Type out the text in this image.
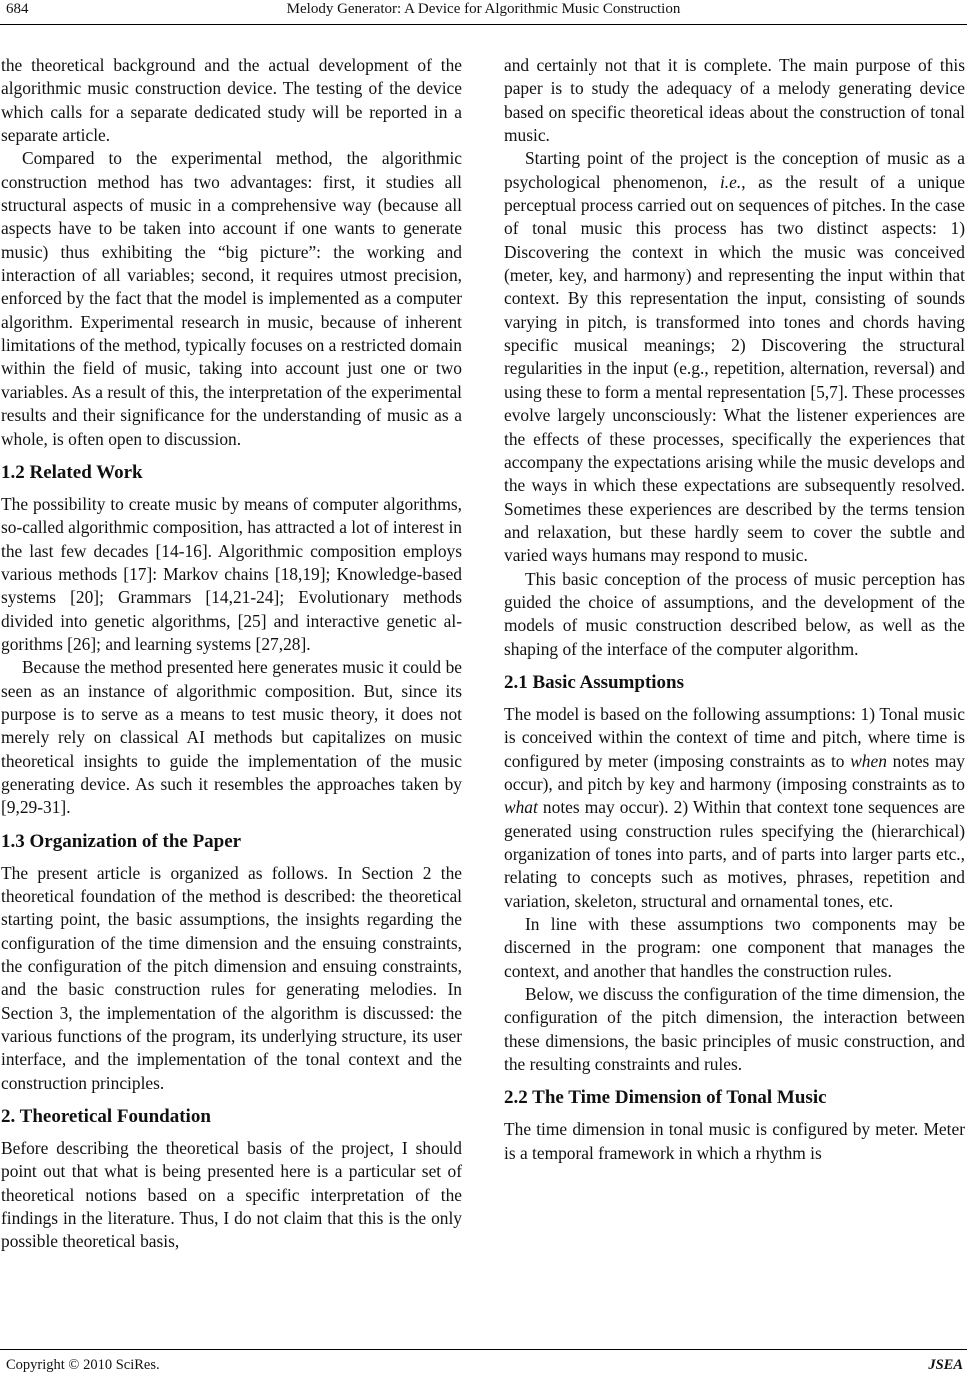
684	Melody Generator: A Device for Algorithmic Music Construction

the theoretical background and the actual development of the algorithmic music construction device. The testing of the device which calls for a separate dedicated study will be reported in a separate article.

Compared to the experimental method, the algorithmic construction method has two advantages: first, it studies all structural aspects of music in a comprehensive way (because all aspects have to be taken into account if one wants to generate music) thus exhibiting the “big picture”: the working and interaction of all variables; second, it requires utmost precision, enforced by the fact that the model is implemented as a computer algorithm. Experimental research in music, because of inherent limitations of the method, typically focuses on a restricted domain within the field of music, taking into account just one or two variables. As a result of this, the interpretation of the experimental results and their significance for the understanding of music as a whole, is often open to discussion.

1.2 Related Work

The possibility to create music by means of computer algorithms, so-called algorithmic composition, has attracted a lot of interest in the last few decades [14-16]. Algorithmic composition employs various methods [17]: Markov chains [18,19]; Knowledge-based systems [20]; Grammars [14,21-24]; Evolutionary methods divided into genetic algorithms, [25] and interactive genetic algorithms [26]; and learning systems [27,28].

Because the method presented here generates music it could be seen as an instance of algorithmic composition. But, since its purpose is to serve as a means to test music theory, it does not merely rely on classical AI methods but capitalizes on music theoretical insights to guide the implementation of the music generating device. As such it resembles the approaches taken by [9,29-31].

1.3 Organization of the Paper

The present article is organized as follows. In Section 2 the theoretical foundation of the method is described: the theoretical starting point, the basic assumptions, the insights regarding the configuration of the time dimension and the ensuing constraints, the configuration of the pitch dimension and ensuing constraints, and the basic construction rules for generating melodies. In Section 3, the implementation of the algorithm is discussed: the various functions of the program, its underlying structure, its user interface, and the implementation of the tonal context and the construction principles.

2. Theoretical Foundation

Before describing the theoretical basis of the project, I should point out that what is being presented here is a particular set of theoretical notions based on a specific interpretation of the findings in the literature. Thus, I do not claim that this is the only possible theoretical basis,

and certainly not that it is complete. The main purpose of this paper is to study the adequacy of a melody generating device based on specific theoretical ideas about the construction of tonal music.

Starting point of the project is the conception of music as a psychological phenomenon, i.e., as the result of a unique perceptual process carried out on sequences of pitches. In the case of tonal music this process has two distinct aspects: 1) Discovering the context in which the music was conceived (meter, key, and harmony) and representing the input within that context. By this representation the input, consisting of sounds varying in pitch, is transformed into tones and chords having specific musical meanings; 2) Discovering the structural regularities in the input (e.g., repetition, alternation, reversal) and using these to form a mental representation [5,7]. These processes evolve largely unconsciously: What the listener experiences are the effects of these processes, specifically the experiences that accompany the expectations arising while the music develops and the ways in which these expectations are subsequently resolved. Sometimes these experiences are described by the terms tension and relaxation, but these hardly seem to cover the subtle and varied ways humans may respond to music.

This basic conception of the process of music perception has guided the choice of assumptions, and the development of the models of music construction described below, as well as the shaping of the interface of the computer algorithm.

2.1 Basic Assumptions

The model is based on the following assumptions: 1) Tonal music is conceived within the context of time and pitch, where time is configured by meter (imposing constraints as to when notes may occur), and pitch by key and harmony (imposing constraints as to what notes may occur). 2) Within that context tone sequences are generated using construction rules specifying the (hierarchical) organization of tones into parts, and of parts into larger parts etc., relating to concepts such as motives, phrases, repetition and variation, skeleton, structural and ornamental tones, etc.

In line with these assumptions two components may be discerned in the program: one component that manages the context, and another that handles the construction rules.

Below, we discuss the configuration of the time dimension, the configuration of the pitch dimension, the interaction between these dimensions, the basic principles of music construction, and the resulting constraints and rules.

2.2 The Time Dimension of Tonal Music

The time dimension in tonal music is configured by meter. Meter is a temporal framework in which a rhythm is

Copyright © 2010 SciRes.	JSEA
